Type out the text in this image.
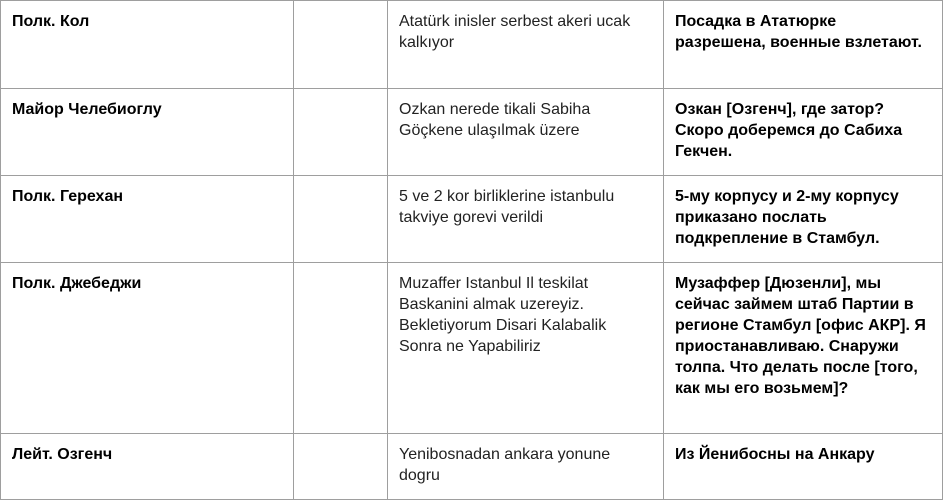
Полк. Кол		Atatürk inisler serbest akeri ucak kalkıyor	Посадка в Ататюрке разрешена, военные взлетают.
Майор Челебиоглу		Ozkan nerede tikali Sabiha Göçkene ulaşılmak üzere	Озкан [Озгенч], где затор? Скоро доберемся до Сабиха Гекчен.
Полк. Герехан		5 ve 2 kor birliklerine istanbulu takviye gorevi verildi	5-му корпусу и 2-му корпусу приказано послать подкрепление в Стамбул.
Полк. Джебеджи		Muzaffer Istanbul Il teskilat Baskanini almak uzereyiz. Bekletiyorum Disari Kalabalik Sonra ne Yapabiliriz	Музаффер [Дюзенли], мы сейчас займем штаб Партии в регионе Стамбул [офис АКР]. Я приостанавливаю. Снаружи толпа. Что делать после [того, как мы его возьмем]?
Лейт. Озгенч		Yenibosnadan ankara yonune dogru	Из Йенибосны на Анкару
